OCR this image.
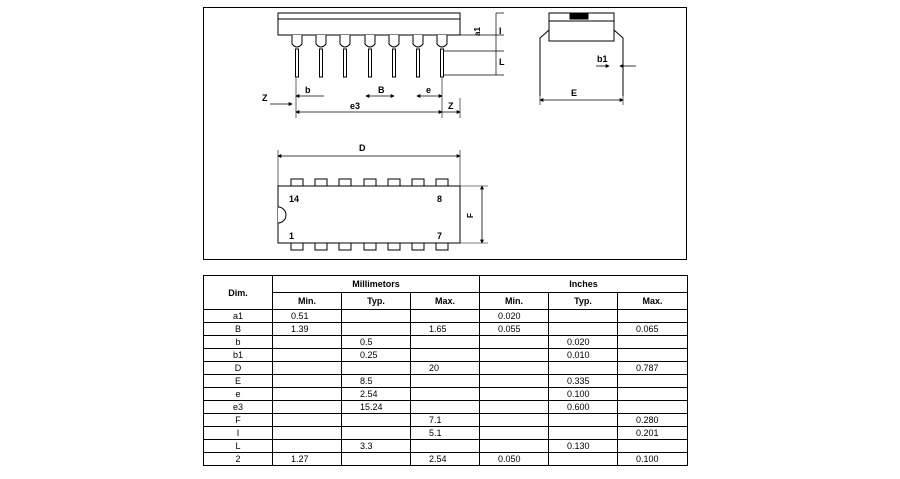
a1 I
L
Z
b	B	e
e3	Z
b1
E
D
F
14	8
1	7
Dim.	Millimetors			Inches		
	Min.	Typ.	Max.	Min.	Typ.	Max.
a1	0.51			0.020		
B	1.39		1.65	0.055		0.065
b		0.5			0.020	
b1		0.25			0.010	
D			20			0.787
E		8.5			0.335	
e		2.54			0.100	
e3		15.24			0.600	
F			7.1			0.280
I			5.1			0.201
L		3.3			0.130	
2	1.27		2.54	0.050		0.100
